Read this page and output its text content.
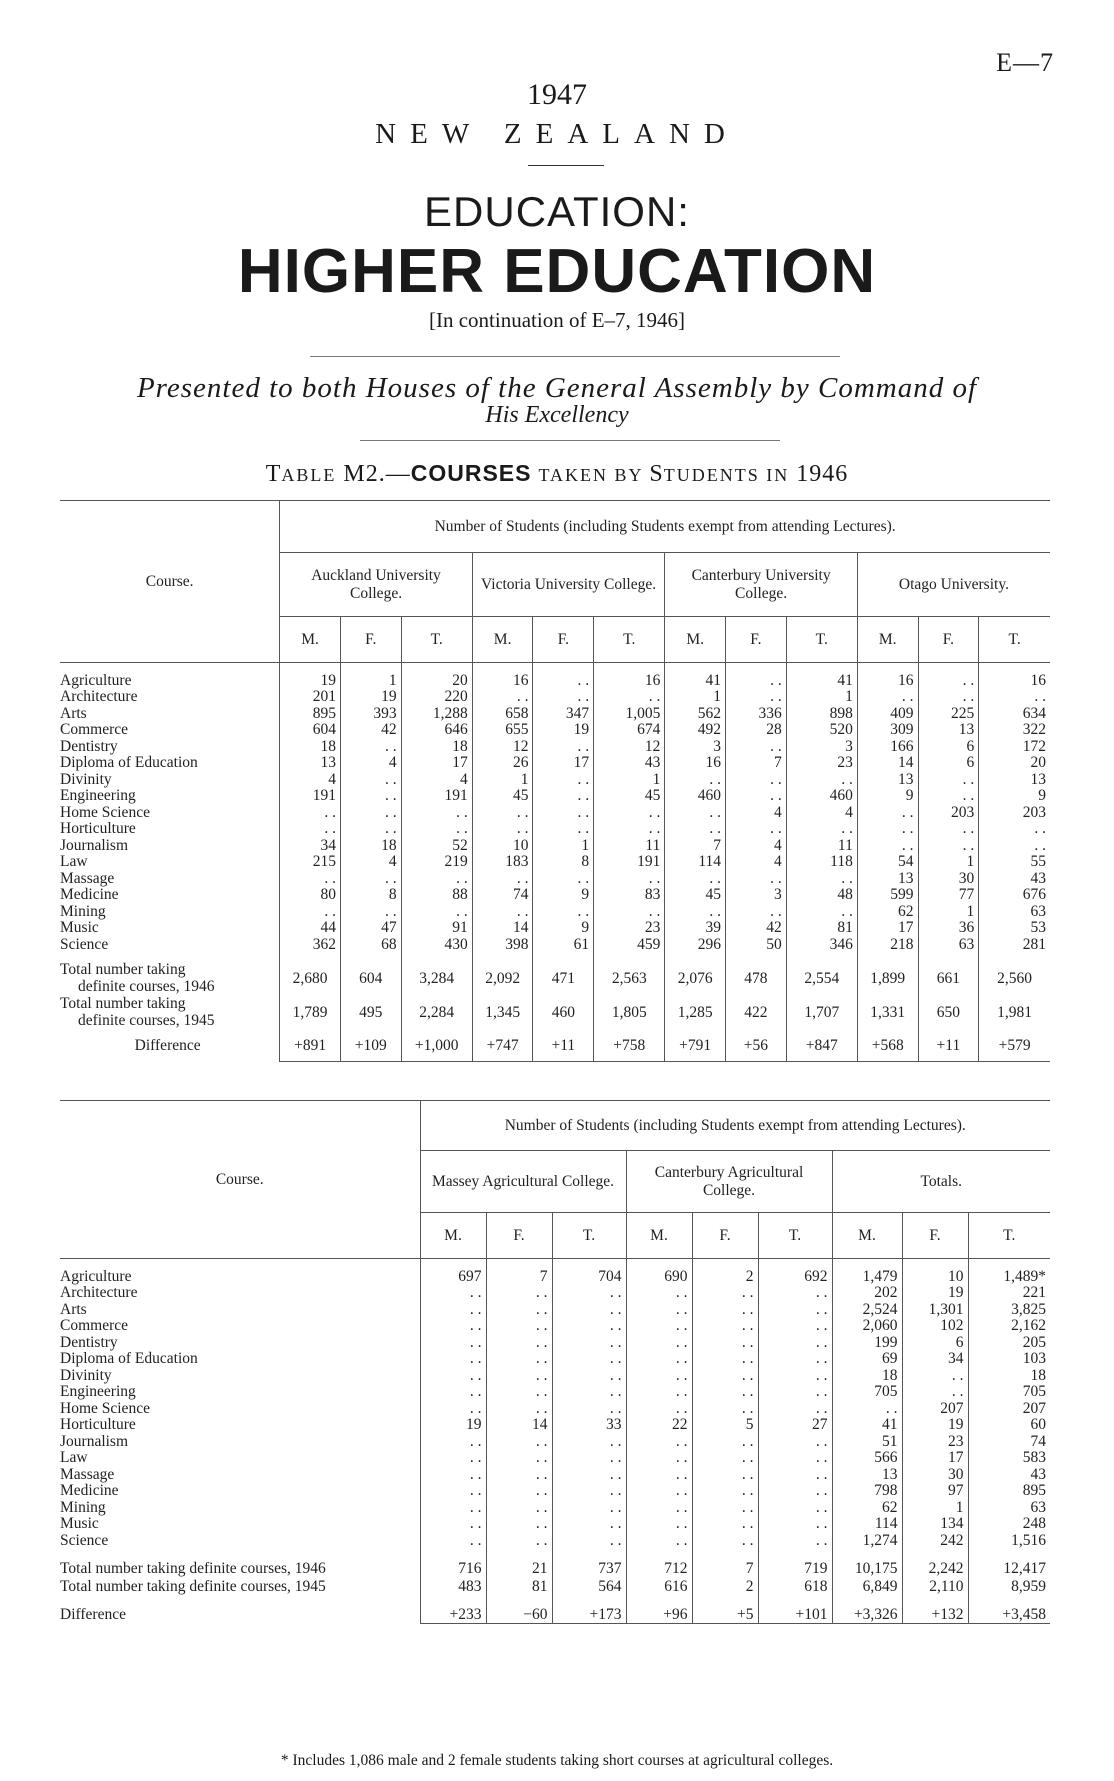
E—7
1947
NEW ZEALAND
EDUCATION:
HIGHER EDUCATION
[In continuation of E–7, 1946]
Presented to both Houses of the General Assembly by Command of
His Excellency
TABLE M2.—COURSES TAKEN BY STUDENTS IN 1946
Course.	Number of Students (including Students exempt from attending Lectures).											
	Auckland University College.			Victoria University College.			Canterbury University College.			Otago University.		
	M.	F.	T.	M.	F.	T.	M.	F.	T.	M.	F.	T.

Agriculture	19	1	20	16	. .	16	41	. .	41	16	. .	16
Architecture	201	19	220	. .	. .	. .	1	. .	1	. .	. .	. .
Arts	895	393	1,288	658	347	1,005	562	336	898	409	225	634
Commerce	604	42	646	655	19	674	492	28	520	309	13	322
Dentistry	18	. .	18	12	. .	12	3	. .	3	166	6	172
Diploma of Education	13	4	17	26	17	43	16	7	23	14	6	20
Divinity	4	. .	4	1	. .	1	. .	. .	. .	13	. .	13
Engineering	191	. .	191	45	. .	45	460	. .	460	9	. .	9
Home Science	. .	. .	. .	. .	. .	. .	. .	4	4	. .	203	203
Horticulture	. .	. .	. .	. .	. .	. .	. .	. .	. .	. .	. .	. .
Journalism	34	18	52	10	1	11	7	4	11	. .	. .	. .
Law	215	4	219	183	8	191	114	4	118	54	1	55
Massage	. .	. .	. .	. .	. .	. .	. .	. .	. .	13	30	43
Medicine	80	8	88	74	9	83	45	3	48	599	77	676
Mining	. .	. .	. .	. .	. .	. .	. .	. .	. .	62	1	63
Music	44	47	91	14	9	23	39	42	81	17	36	53
Science	362	68	430	398	61	459	296	50	346	218	63	281

Total number taking
definite courses, 1946	2,680	604	3,284	2,092	471	2,563	2,076	478	2,554	1,899	661	2,560

Total number taking
definite courses, 1945	1,789	495	2,284	1,345	460	1,805	1,285	422	1,707	1,331	650	1,981

Difference	+891	+109	+1,000	+747	+11	+758	+791	+56	+847	+568	+11	+579
Course.	Number of Students (including Students exempt from attending Lectures).								
	Massey Agricultural College.			Canterbury Agricultural College.			Totals.		
	M.	F.	T.	M.	F.	T.	M.	F.	T.

Agriculture	697	7	704	690	2	692	1,479	10	1,489*
Architecture	. .	. .	. .	. .	. .	. .	202	19	221
Arts	. .	. .	. .	. .	. .	. .	2,524	1,301	3,825
Commerce	. .	. .	. .	. .	. .	. .	2,060	102	2,162
Dentistry	. .	. .	. .	. .	. .	. .	199	6	205
Diploma of Education	. .	. .	. .	. .	. .	. .	69	34	103
Divinity	. .	. .	. .	. .	. .	. .	18	. .	18
Engineering	. .	. .	. .	. .	. .	. .	705	. .	705
Home Science	. .	. .	. .	. .	. .	. .	. .	207	207
Horticulture	19	14	33	22	5	27	41	19	60
Journalism	. .	. .	. .	. .	. .	. .	51	23	74
Law	. .	. .	. .	. .	. .	. .	566	17	583
Massage	. .	. .	. .	. .	. .	. .	13	30	43
Medicine	. .	. .	. .	. .	. .	. .	798	97	895
Mining	. .	. .	. .	. .	. .	. .	62	1	63
Music	. .	. .	. .	. .	. .	. .	114	134	248
Science	. .	. .	. .	. .	. .	. .	1,274	242	1,516

Total number taking definite courses, 1946	716	21	737	712	7	719	10,175	2,242	12,417
Total number taking definite courses, 1945	483	81	564	616	2	618	6,849	2,110	8,959

Difference	+233	−60	+173	+96	+5	+101	+3,326	+132	+3,458
* Includes 1,086 male and 2 female students taking short courses at agricultural colleges.
